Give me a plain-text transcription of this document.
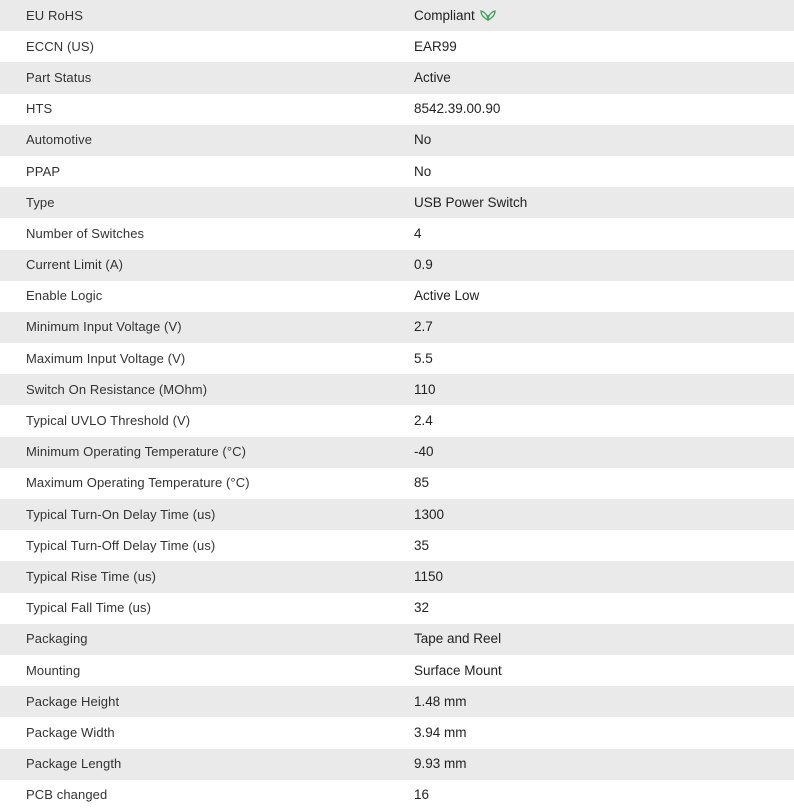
EU RoHS	Compliant
ECCN (US)	EAR99
Part Status	Active
HTS	8542.39.00.90
Automotive	No
PPAP	No
Type	USB Power Switch
Number of Switches	4
Current Limit (A)	0.9
Enable Logic	Active Low
Minimum Input Voltage (V)	2.7
Maximum Input Voltage (V)	5.5
Switch On Resistance (MOhm)	110
Typical UVLO Threshold (V)	2.4
Minimum Operating Temperature (°C)	-40
Maximum Operating Temperature (°C)	85
Typical Turn-On Delay Time (us)	1300
Typical Turn-Off Delay Time (us)	35
Typical Rise Time (us)	1150
Typical Fall Time (us)	32
Packaging	Tape and Reel
Mounting	Surface Mount
Package Height	1.48 mm
Package Width	3.94 mm
Package Length	9.93 mm
PCB changed	16
